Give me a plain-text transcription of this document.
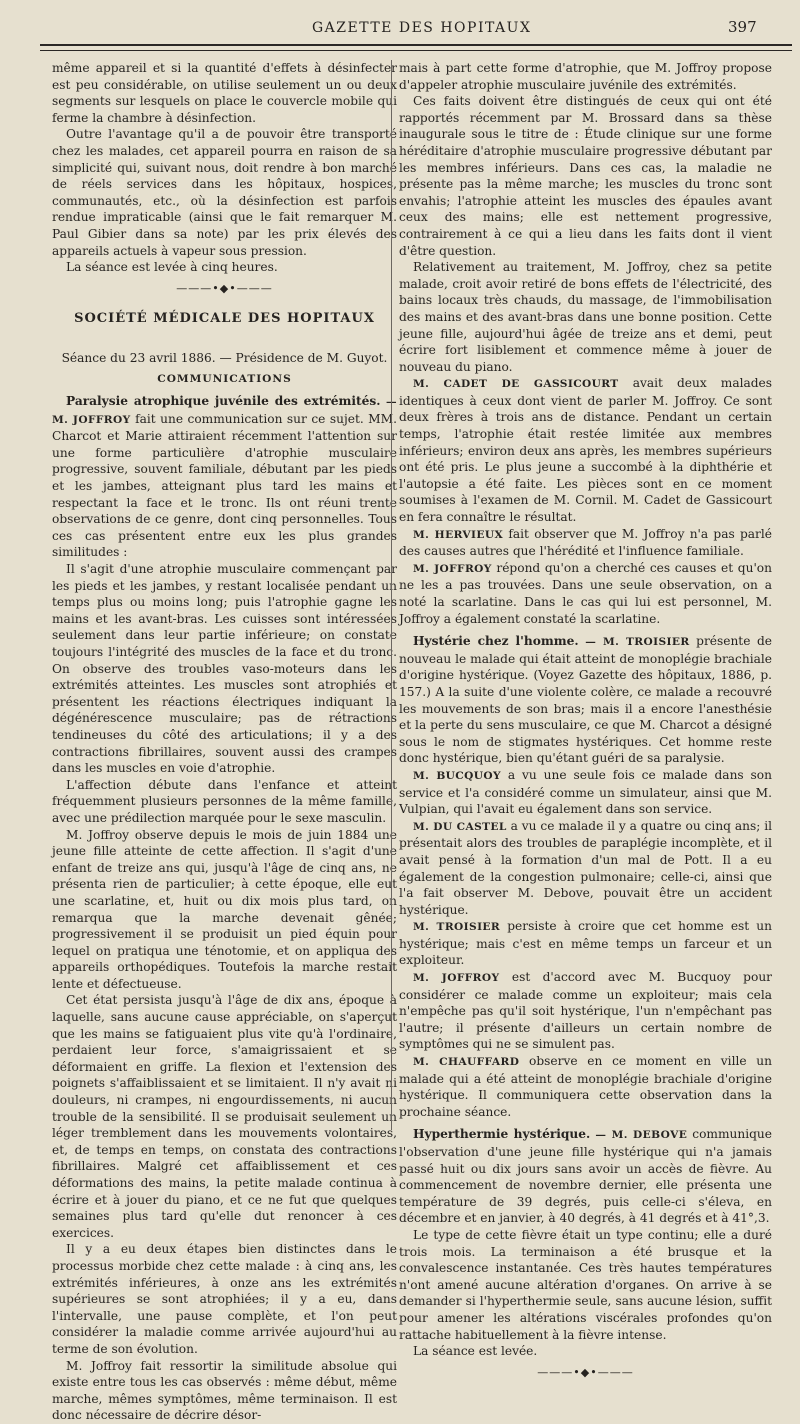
GAZETTE DES HOPITAUX	397

même appareil et si la quantité d'effets à désinfecter est peu considérable, on utilise seulement un ou deux segments sur lesquels on place le couvercle mobile qui ferme la chambre à désinfection.

Outre l'avantage qu'il a de pouvoir être transporté chez les malades, cet appareil pourra en raison de sa simplicité qui, suivant nous, doit rendre à bon marché de réels services dans les hôpitaux, hospices, communautés, etc., où la désinfection est parfois rendue impraticable (ainsi que le fait remarquer M. Paul Gibier dans sa note) par les prix élevés des appareils actuels à vapeur sous pression.

La séance est levée à cinq heures.

———•◆•———
SOCIÉTÉ MÉDICALE DES HOPITAUX
Séance du 23 avril 1886. — Présidence de M. Guyot.
COMMUNICATIONS

Paralysie atrophique juvénile des extrémités. — M. JOFFROY fait une communication sur ce sujet. MM. Charcot et Marie attiraient récemment l'attention sur une forme particulière d'atrophie musculaire progressive, souvent familiale, débutant par les pieds et les jambes, atteignant plus tard les mains et respectant la face et le tronc. Ils ont réuni trente observations de ce genre, dont cinq personnelles. Tous ces cas présentent entre eux les plus grandes similitudes :

Il s'agit d'une atrophie musculaire commençant par les pieds et les jambes, y restant localisée pendant un temps plus ou moins long; puis l'atrophie gagne les mains et les avant-bras. Les cuisses sont intéressées seulement dans leur partie inférieure; on constate toujours l'intégrité des muscles de la face et du tronc. On observe des troubles vaso-moteurs dans les extrémités atteintes. Les muscles sont atrophiés et présentent les réactions électriques indiquant la dégénérescence musculaire; pas de rétractions tendineuses du côté des articulations; il y a des contractions fibrillaires, souvent aussi des crampes dans les muscles en voie d'atrophie.

L'affection débute dans l'enfance et atteint fréquemment plusieurs personnes de la même famille, avec une prédilection marquée pour le sexe masculin.

M. Joffroy observe depuis le mois de juin 1884 une jeune fille atteinte de cette affection. Il s'agit d'une enfant de treize ans qui, jusqu'à l'âge de cinq ans, ne présenta rien de particulier; à cette époque, elle eut une scarlatine, et, huit ou dix mois plus tard, on remarqua que la marche devenait gênée; progressivement il se produisit un pied équin pour lequel on pratiqua une ténotomie, et on appliqua des appareils orthopédiques. Toutefois la marche restait lente et défectueuse.

Cet état persista jusqu'à l'âge de dix ans, époque à laquelle, sans aucune cause appréciable, on s'aperçut que les mains se fatiguaient plus vite qu'à l'ordinaire, perdaient leur force, s'amaigrissaient et se déformaient en griffe. La flexion et l'extension des poignets s'affaiblissaient et se limitaient. Il n'y avait ni douleurs, ni crampes, ni engourdissements, ni aucun trouble de la sensibilité. Il se produisait seulement un léger tremblement dans les mouvements volontaires, et, de temps en temps, on constata des contractions fibrillaires. Malgré cet affaiblissement et ces déformations des mains, la petite malade continua à écrire et à jouer du piano, et ce ne fut que quelques semaines plus tard qu'elle dut renoncer à ces exercices.

Il y a eu deux étapes bien distinctes dans le processus morbide chez cette malade : à cinq ans, les extrémités inférieures, à onze ans les extrémités supérieures se sont atrophiées; il y a eu, dans l'intervalle, une pause complète, et l'on peut considérer la maladie comme arrivée aujourd'hui au terme de son évolution.

M. Joffroy fait ressortir la similitude absolue qui existe entre tous les cas observés : même début, même marche, mêmes symptômes, même terminaison. Il est donc nécessaire de décrire désor-

mais à part cette forme d'atrophie, que M. Joffroy propose d'appeler atrophie musculaire juvénile des extrémités.

Ces faits doivent être distingués de ceux qui ont été rapportés récemment par M. Brossard dans sa thèse inaugurale sous le titre de : Étude clinique sur une forme héréditaire d'atrophie musculaire progressive débutant par les membres inférieurs. Dans ces cas, la maladie ne présente pas la même marche; les muscles du tronc sont envahis; l'atrophie atteint les muscles des épaules avant ceux des mains; elle est nettement progressive, contrairement à ce qui a lieu dans les faits dont il vient d'être question.

Relativement au traitement, M. Joffroy, chez sa petite malade, croit avoir retiré de bons effets de l'électricité, des bains locaux très chauds, du massage, de l'immobilisation des mains et des avant-bras dans une bonne position. Cette jeune fille, aujourd'hui âgée de treize ans et demi, peut écrire fort lisiblement et commence même à jouer de nouveau du piano.

M. CADET DE GASSICOURT avait deux malades identiques à ceux dont vient de parler M. Joffroy. Ce sont deux frères à trois ans de distance. Pendant un certain temps, l'atrophie était restée limitée aux membres inférieurs; environ deux ans après, les membres supérieurs ont été pris. Le plus jeune a succombé à la diphthérie et l'autopsie a été faite. Les pièces sont en ce moment soumises à l'examen de M. Cornil. M. Cadet de Gassicourt en fera connaître le résultat.

M. HERVIEUX fait observer que M. Joffroy n'a pas parlé des causes autres que l'hérédité et l'influence familiale.

M. JOFFROY répond qu'on a cherché ces causes et qu'on ne les a pas trouvées. Dans une seule observation, on a noté la scarlatine. Dans le cas qui lui est personnel, M. Joffroy a également constaté la scarlatine.

Hystérie chez l'homme. — M. TROISIER présente de nouveau le malade qui était atteint de monoplégie brachiale d'origine hystérique. (Voyez Gazette des hôpitaux, 1886, p. 157.) A la suite d'une violente colère, ce malade a recouvré les mouvements de son bras; mais il a encore l'anesthésie et la perte du sens musculaire, ce que M. Charcot a désigné sous le nom de stigmates hystériques. Cet homme reste donc hystérique, bien qu'étant guéri de sa paralysie.

M. BUCQUOY a vu une seule fois ce malade dans son service et l'a considéré comme un simulateur, ainsi que M. Vulpian, qui l'avait eu également dans son service.

M. DU CASTEL a vu ce malade il y a quatre ou cinq ans; il présentait alors des troubles de paraplégie incomplète, et il avait pensé à la formation d'un mal de Pott. Il a eu également de la congestion pulmonaire; celle-ci, ainsi que l'a fait observer M. Debove, pouvait être un accident hystérique.

M. TROISIER persiste à croire que cet homme est un hystérique; mais c'est en même temps un farceur et un exploiteur.

M. JOFFROY est d'accord avec M. Bucquoy pour considérer ce malade comme un exploiteur; mais cela n'empêche pas qu'il soit hystérique, l'un n'empêchant pas l'autre; il présente d'ailleurs un certain nombre de symptômes qui ne se simulent pas.

M. CHAUFFARD observe en ce moment en ville un malade qui a été atteint de monoplégie brachiale d'origine hystérique. Il communiquera cette observation dans la prochaine séance.

Hyperthermie hystérique. — M. DEBOVE communique l'observation d'une jeune fille hystérique qui n'a jamais passé huit ou dix jours sans avoir un accès de fièvre. Au commencement de novembre dernier, elle présenta une température de 39 degrés, puis celle-ci s'éleva, en décembre et en janvier, à 40 degrés, à 41 degrés et à 41°,3.

Le type de cette fièvre était un type continu; elle a duré trois mois. La terminaison a été brusque et la convalescence instantanée. Ces très hautes températures n'ont amené aucune altération d'organes. On arrive à se demander si l'hyperthermie seule, sans aucune lésion, suffit pour amener les altérations viscérales profondes qu'on rattache habituellement à la fièvre intense.

La séance est levée.

———•◆•———
